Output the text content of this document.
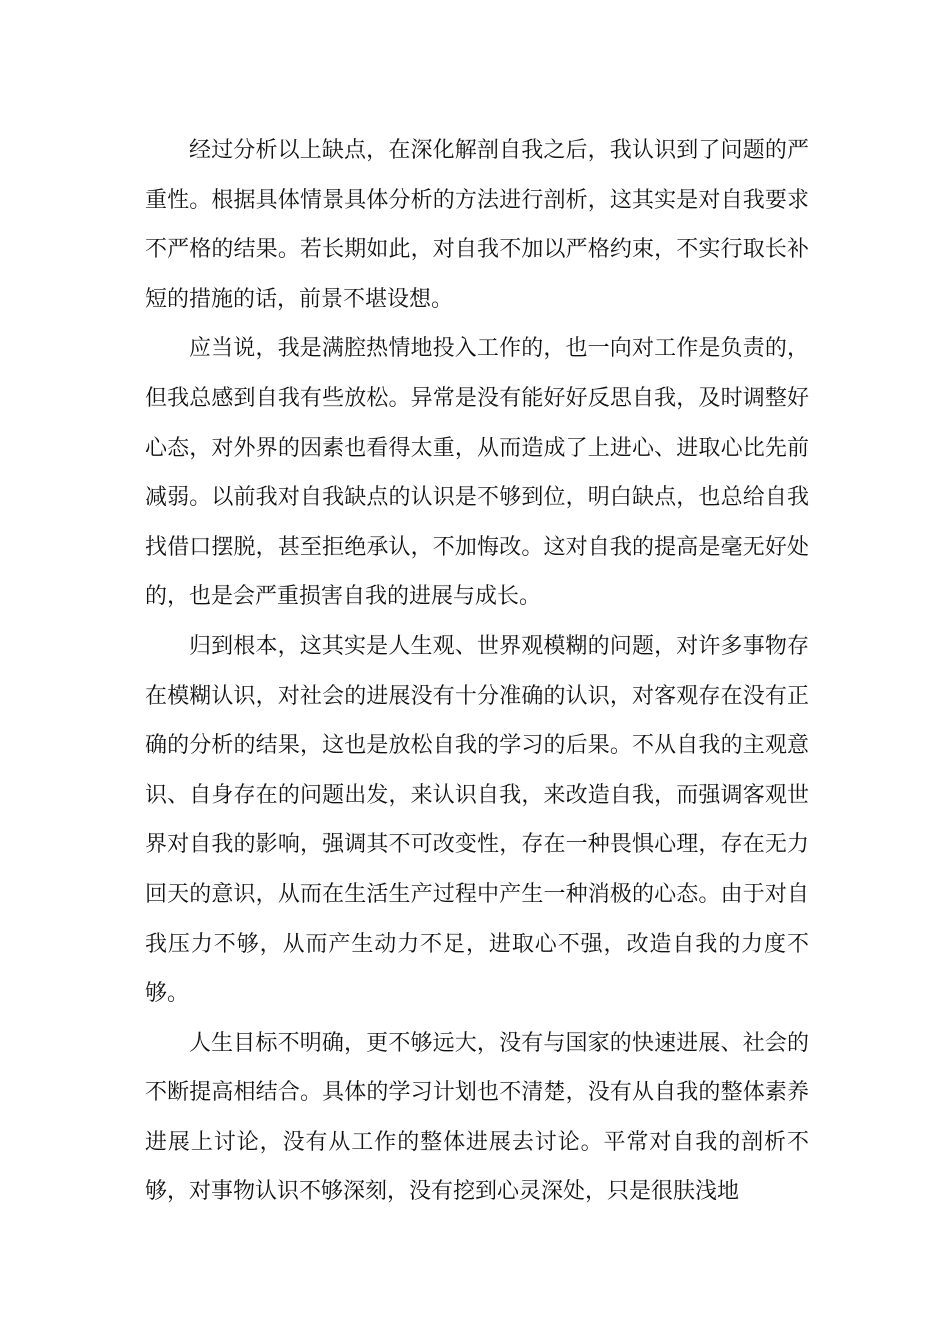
经过分析以上缺点，在深化解剖自我之后，我认识到了问题的严重性。根据具体情景具体分析的方法进行剖析，这其实是对自我要求不严格的结果。若长期如此，对自我不加以严格约束，不实行取长补短的措施的话，前景不堪设想。

应当说，我是满腔热情地投入工作的，也一向对工作是负责的，但我总感到自我有些放松。异常是没有能好好反思自我，及时调整好心态，对外界的因素也看得太重，从而造成了上进心、进取心比先前减弱。以前我对自我缺点的认识是不够到位，明白缺点，也总给自我找借口摆脱，甚至拒绝承认，不加悔改。这对自我的提高是毫无好处的，也是会严重损害自我的进展与成长。

归到根本，这其实是人生观、世界观模糊的问题，对许多事物存在模糊认识，对社会的进展没有十分准确的认识，对客观存在没有正确的分析的结果，这也是放松自我的学习的后果。不从自我的主观意识、自身存在的问题出发，来认识自我，来改造自我，而强调客观世界对自我的影响，强调其不可改变性，存在一种畏惧心理，存在无力回天的意识，从而在生活生产过程中产生一种消极的心态。由于对自我压力不够，从而产生动力不足，进取心不强，改造自我的力度不够。

人生目标不明确，更不够远大，没有与国家的快速进展、社会的不断提高相结合。具体的学习计划也不清楚，没有从自我的整体素养进展上讨论，没有从工作的整体进展去讨论。平常对自我的剖析不够，对事物认识不够深刻，没有挖到心灵深处，只是很肤浅地
